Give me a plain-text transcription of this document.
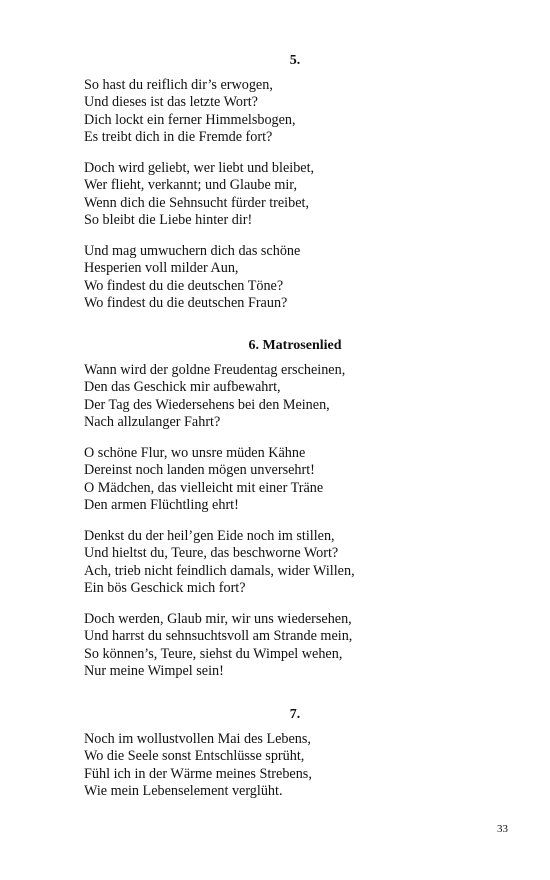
5.
So hast du reiflich dir’s erwogen,
Und dieses ist das letzte Wort?
Dich lockt ein ferner Himmelsbogen,
Es treibt dich in die Fremde fort?
Doch wird geliebt, wer liebt und bleibet,
Wer flieht, verkannt; und Glaube mir,
Wenn dich die Sehnsucht fürder treibet,
So bleibt die Liebe hinter dir!
Und mag umwuchern dich das schöne
Hesperien voll milder Aun,
Wo findest du die deutschen Töne?
Wo findest du die deutschen Fraun?
6. Matrosenlied
Wann wird der goldne Freudentag erscheinen,
Den das Geschick mir aufbewahrt,
Der Tag des Wiedersehens bei den Meinen,
Nach allzulanger Fahrt?
O schöne Flur, wo unsre müden Kähne
Dereinst noch landen mögen unversehrt!
O Mädchen, das vielleicht mit einer Träne
Den armen Flüchtling ehrt!
Denkst du der heil’gen Eide noch im stillen,
Und hieltst du, Teure, das beschworne Wort?
Ach, trieb nicht feindlich damals, wider Willen,
Ein bös Geschick mich fort?
Doch werden, Glaub mir, wir uns wiedersehen,
Und harrst du sehnsuchtsvoll am Strande mein,
So können’s, Teure, siehst du Wimpel wehen,
Nur meine Wimpel sein!
7.
Noch im wollustvollen Mai des Lebens,
Wo die Seele sonst Entschlüsse sprüht,
Fühl ich in der Wärme meines Strebens,
Wie mein Lebenselement verglüht.
33
